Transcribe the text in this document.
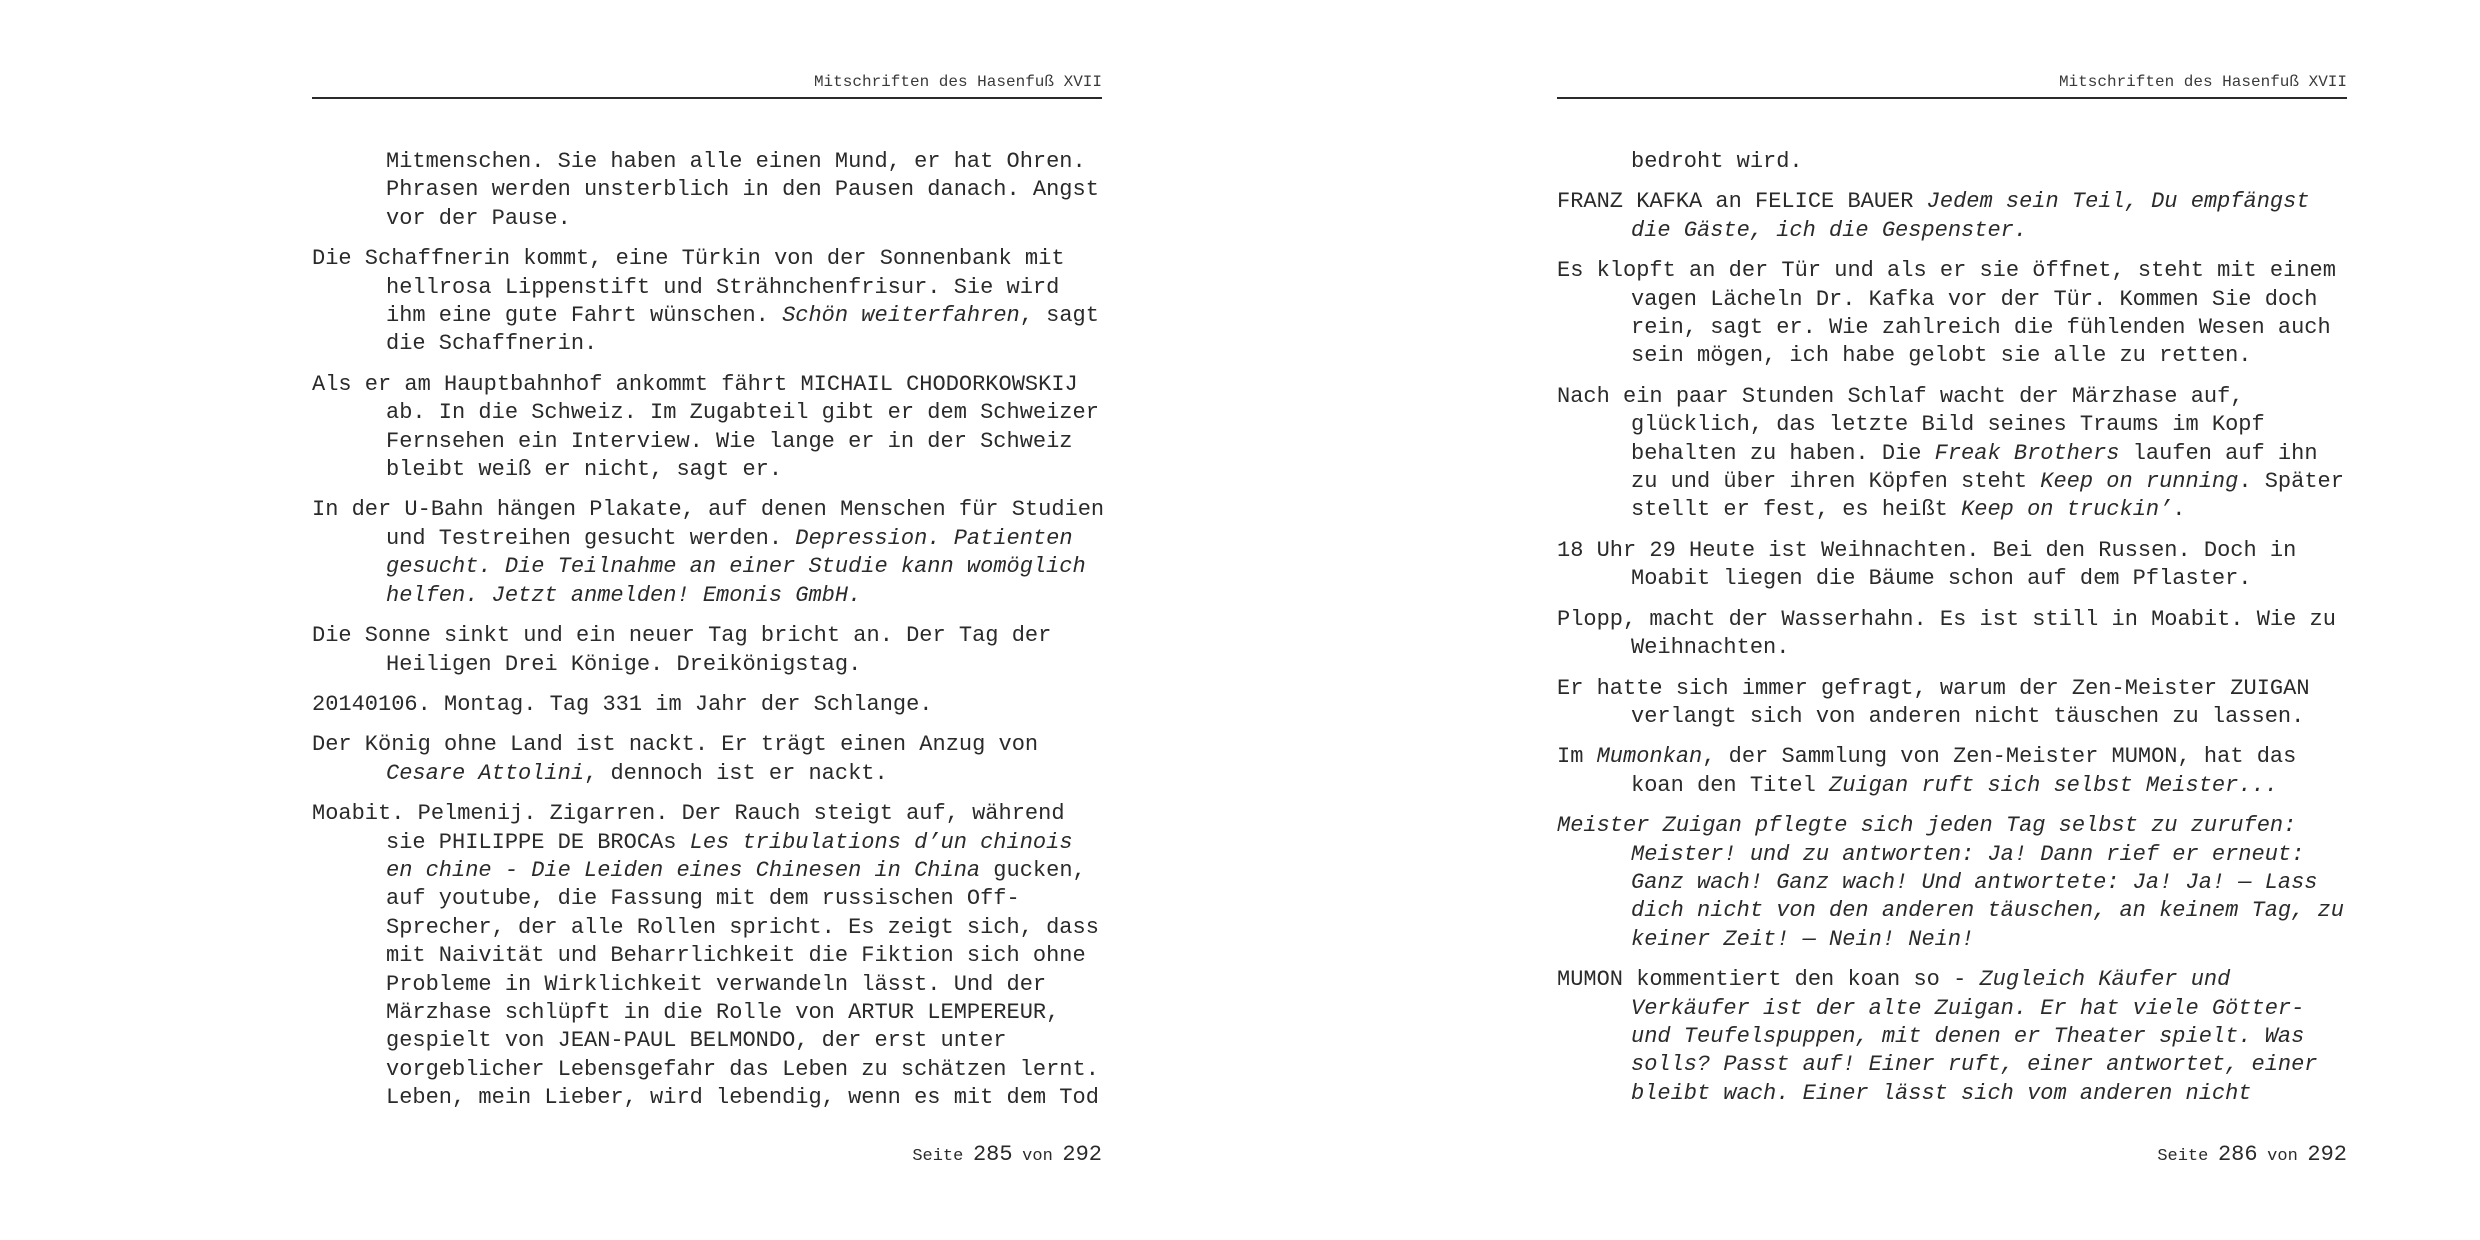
Mitschriften des Hasenfuß XVII
Mitmenschen. Sie haben alle einen Mund, er hat Ohren.
Phrasen werden unsterblich in den Pausen danach. Angst
vor der Pause.
Die Schaffnerin kommt, eine Türkin von der Sonnenbank mit
hellrosa Lippenstift und Strähnchenfrisur. Sie wird
ihm eine gute Fahrt wünschen. Schön weiterfahren, sagt
die Schaffnerin.
Als er am Hauptbahnhof ankommt fährt MICHAIL CHODORKOWSKIJ
ab. In die Schweiz. Im Zugabteil gibt er dem Schweizer
Fernsehen ein Interview. Wie lange er in der Schweiz
bleibt weiß er nicht, sagt er.
In der U-Bahn hängen Plakate, auf denen Menschen für Studien
und Testreihen gesucht werden. Depression. Patienten
gesucht. Die Teilnahme an einer Studie kann womöglich
helfen. Jetzt anmelden! Emonis GmbH.
Die Sonne sinkt und ein neuer Tag bricht an. Der Tag der
Heiligen Drei Könige. Dreikönigstag.
20140106. Montag. Tag 331 im Jahr der Schlange.
Der König ohne Land ist nackt. Er trägt einen Anzug von
Cesare Attolini, dennoch ist er nackt.
Moabit. Pelmenij. Zigarren. Der Rauch steigt auf, während
sie PHILIPPE DE BROCAs Les tribulations d’un chinois
en chine - Die Leiden eines Chinesen in China gucken,
auf youtube, die Fassung mit dem russischen Off-
Sprecher, der alle Rollen spricht. Es zeigt sich, dass
mit Naivität und Beharrlichkeit die Fiktion sich ohne
Probleme in Wirklichkeit verwandeln lässt. Und der
Märzhase schlüpft in die Rolle von ARTUR LEMPEREUR,
gespielt von JEAN-PAUL BELMONDO, der erst unter
vorgeblicher Lebensgefahr das Leben zu schätzen lernt.
Leben, mein Lieber, wird lebendig, wenn es mit dem Tod
Seite 285 von 292
Mitschriften des Hasenfuß XVII
bedroht wird.
FRANZ KAFKA an FELICE BAUER Jedem sein Teil, Du empfängst
die Gäste, ich die Gespenster.
Es klopft an der Tür und als er sie öffnet, steht mit einem
vagen Lächeln Dr. Kafka vor der Tür. Kommen Sie doch
rein, sagt er. Wie zahlreich die fühlenden Wesen auch
sein mögen, ich habe gelobt sie alle zu retten.
Nach ein paar Stunden Schlaf wacht der Märzhase auf,
glücklich, das letzte Bild seines Traums im Kopf
behalten zu haben. Die Freak Brothers laufen auf ihn
zu und über ihren Köpfen steht Keep on running. Später
stellt er fest, es heißt Keep on truckin’.
18 Uhr 29 Heute ist Weihnachten. Bei den Russen. Doch in
Moabit liegen die Bäume schon auf dem Pflaster.
Plopp, macht der Wasserhahn. Es ist still in Moabit. Wie zu
Weihnachten.
Er hatte sich immer gefragt, warum der Zen-Meister ZUIGAN
verlangt sich von anderen nicht täuschen zu lassen.
Im Mumonkan, der Sammlung von Zen-Meister MUMON, hat das
koan den Titel Zuigan ruft sich selbst Meister...
Meister Zuigan pflegte sich jeden Tag selbst zu zurufen:
Meister! und zu antworten: Ja! Dann rief er erneut:
Ganz wach! Ganz wach! Und antwortete: Ja! Ja! — Lass
dich nicht von den anderen täuschen, an keinem Tag, zu
keiner Zeit! — Nein! Nein!
MUMON kommentiert den koan so - Zugleich Käufer und
Verkäufer ist der alte Zuigan. Er hat viele Götter-
und Teufelspuppen, mit denen er Theater spielt. Was
solls? Passt auf! Einer ruft, einer antwortet, einer
bleibt wach. Einer lässt sich vom anderen nicht
Seite 286 von 292
